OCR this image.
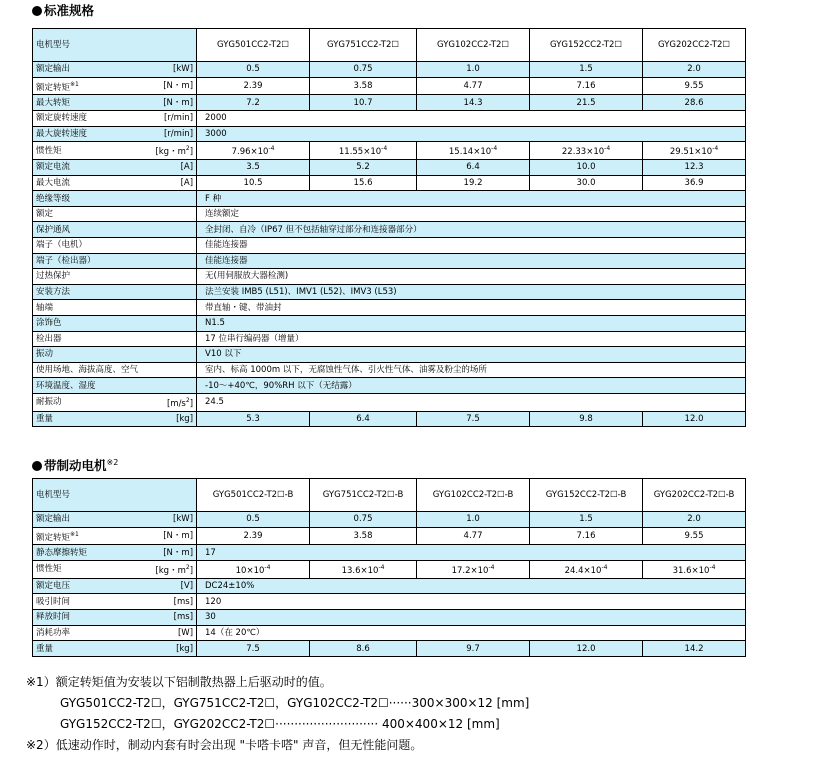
标准规格
电机型号		GYG501CC2-T2☐	GYG751CC2-T2☐	GYG102CC2-T2☐	GYG152CC2-T2☐	GYG202CC2-T2☐
额定输出	[kW]	0.5	0.75	1.0	1.5	2.0
额定转矩$^{※1}$	[N・m]	2.39	3.58	4.77	7.16	9.55
最大转矩	[N・m]	7.2	10.7	14.3	21.5	28.6
额定旋转速度	[r/min]	2000				
最大旋转速度	[r/min]	3000				
惯性矩	[kg・$m^2$]	$7.96\times 10^{-4}$	$11.55\times 10^{-4}$	$15.14\times 10^{-4}$	$22.33\times 10^{-4}$	$29.51\times 10^{-4}$
额定电流	[A]	3.5	5.2	6.4	10.0	12.3
最大电流	[A]	10.5	15.6	19.2	30.0	36.9
绝缘等级		F 种				
额定		连续额定				
保护通风		全封闭、自冷（IP67 但不包括轴穿过部分和连接器部分）				
端子（电机）		佳能连接器				
端子（检出器）		佳能连接器				
过热保护		无(用伺服放大器检测)				
安装方法		法兰安装 IMB5 (L51)、IMV1 (L52)、IMV3 (L53)				
轴端		带直轴・键、带油封				
涂饰色		N1.5				
检出器		17 位串行编码器（增量）				
振动		V10 以下				
使用场地、海拔高度、空气		室内、标高 1000m 以下，无腐蚀性气体、引火性气体、油雾及粉尘的场所				
环境温度、湿度		-10～+40℃，90%RH 以下（无结露）				
耐振动	$[m/s^2]$	24.5				
重量	[kg]	5.3	6.4	7.5	9.8	12.0
带制动电机$^{※2}$
电机型号		GYG501CC2-T2☐-B	GYG751CC2-T2☐-B	GYG102CC2-T2☐-B	GYG152CC2-T2☐-B	GYG202CC2-T2☐-B
额定输出	[kW]	0.5	0.75	1.0	1.5	2.0
额定转矩$^{※1}$	[N・m]	2.39	3.58	4.77	7.16	9.55
静态摩擦转矩	[N・m]	17				
惯性矩	[kg・$m^2$]	$10\times 10^{-4}$	$13.6\times 10^{-4}$	$17.2\times 10^{-4}$	$24.4\times 10^{-4}$	$31.6\times 10^{-4}$
额定电压	[V]	DC24±10%				
吸引时间	[ms]	120				
释放时间	[ms]	30				
消耗功率	[W]	14（在 20℃）				
重量	[kg]	7.5	8.6	9.7	12.0	14.2
※1）额定转矩值为安装以下铝制散热器上后驱动时的值。
GYG501CC2-T2☐，GYG751CC2-T2☐，GYG102CC2-T2☐······300×300×12 [mm]
GYG152CC2-T2☐，GYG202CC2-T2☐··························· 400×400×12 [mm]
※2）低速动作时，制动内套有时会出现 "卡嗒卡嗒" 声音，但无性能问题。
